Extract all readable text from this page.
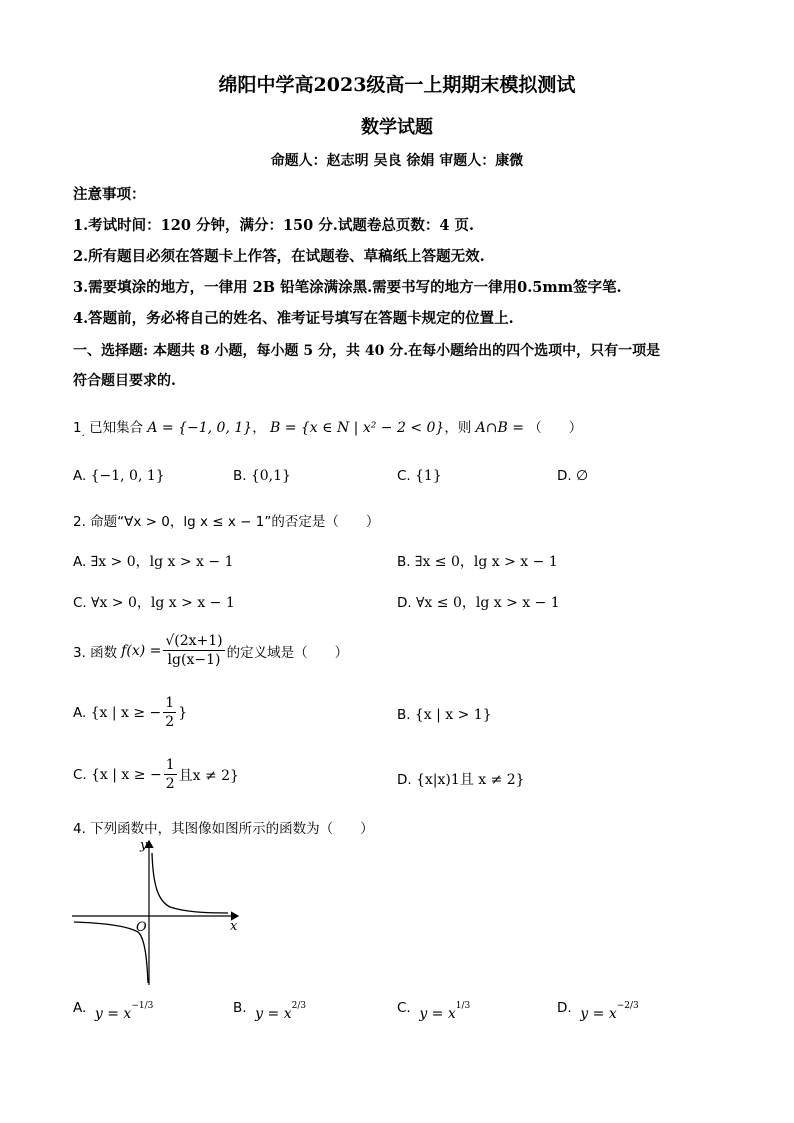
绵阳中学高2023级高一上期期末模拟测试
数学试题
命题人：赵志明 吴良 徐娟 审题人：康微
注意事项：
1.考试时间：120 分钟，满分：150 分.试题卷总页数：4 页.
2.所有题目必须在答题卡上作答，在试题卷、草稿纸上答题无效.
3.需要填涂的地方，一律用 2B 铅笔涂满涂黑.需要书写的地方一律用0.5mm签字笔.
4.答题前，务必将自己的姓名、准考证号填写在答题卡规定的位置上.
一、选择题: 本题共 8 小题，每小题 5 分，共 40 分.在每小题给出的四个选项中，只有一项是
符合题目要求的.
$1_.$ 已知集合 A = {−1, 0, 1}， B = {x ∈ N | x² − 2 < 0}，则 A∩B = （　　）
A. {−1, 0, 1}	B. {0,1}	C. {1}	D. ∅
2. 命题“∀x > 0，lg x ≤ x − 1”的否定是（　　）
A. ∃x > 0，lg x > x − 1	B. ∃x ≤ 0，lg x > x − 1
C. ∀x > 0，lg x > x − 1	D. ∀x ≤ 0，lg x > x − 1
3. 函数 $f(x) = \frac{√(2x+1)}{\lg(x-1)}$ 的定义域是（　　）
A.
{x | x ≥ − $\frac{1}{2}$ }	B. {x | x > 1}
C.
{x | x ≥ − $\frac{1}{2}$ 且x ≠ 2}	D. {x|x)1且 x ≠ 2}
4. 下列函数中，其图像如图所示的函数为（　　）
y
x
O
A. $y = x^{-1/3}$	B. $y = x^{2/3}$	C. $y = x^{1/3}$	D. $y = x^{-2/3}$
